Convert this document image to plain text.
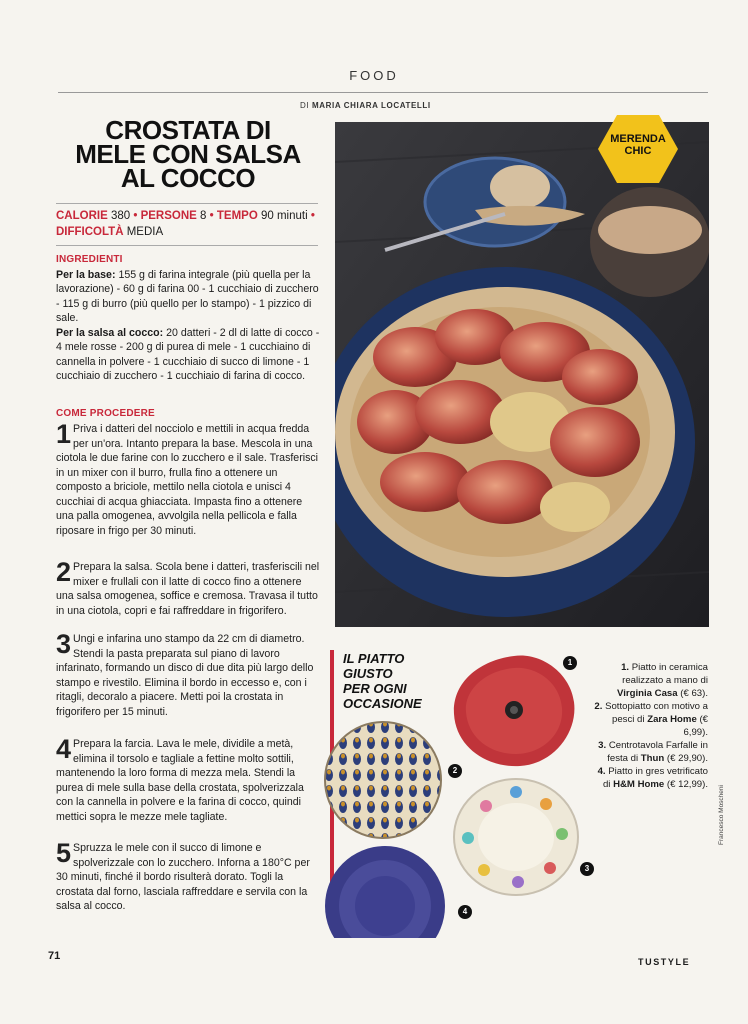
FOOD
DI MARIA CHIARA LOCATELLI
CROSTATA DI
MELE CON SALSA
AL COCCO
CALORIE 380 • PERSONE 8 • TEMPO 90 minuti • DIFFICOLTÀ MEDIA
INGREDIENTI
Per la base: 155 g di farina integrale (più quella per la lavorazione) - 60 g di farina 00 - 1 cucchiaio di zucchero - 115 g di burro (più quello per lo stampo) - 1 pizzico di sale.
Per la salsa al cocco: 20 datteri - 2 dl di latte di cocco - 4 mele rosse - 200 g di purea di mele - 1 cucchiaino di cannella in polvere - 1 cucchiaio di succo di limone - 1 cucchiaio di zucchero - 1 cucchiaio di farina di cocco.
COME PROCEDERE
1 Priva i datteri del nocciolo e mettili in acqua fredda per un'ora. Intanto prepara la base. Mescola in una ciotola le due farine con lo zucchero e il sale. Trasferisci in un mixer con il burro, frulla fino a ottenere un composto a briciole, mettilo nella ciotola e unisci 4 cucchiai di acqua ghiacciata. Impasta fino a ottenere una palla omogenea, avvolgila nella pellicola e falla riposare in frigo per 30 minuti.
2 Prepara la salsa. Scola bene i datteri, trasferiscili nel mixer e frullali con il latte di cocco fino a ottenere una salsa omogenea, soffice e cremosa. Travasa il tutto in una ciotola, copri e fai raffreddare in frigorifero.
3 Ungi e infarina uno stampo da 22 cm di diametro. Stendi la pasta preparata sul piano di lavoro infarinato, formando un disco di due dita più largo dello stampo e rivestilo. Elimina il bordo in eccesso e, con i ritagli, decoralo a piacere. Metti poi la crostata in frigorifero per 15 minuti.
4 Prepara la farcia. Lava le mele, dividile a metà, elimina il torsolo e tagliale a fettine molto sottili, mantenendo la loro forma di mezza mela. Stendi la purea di mele sulla base della crostata, spolverizzala con la cannella in polvere e la farina di cocco, quindi mettici sopra le mezze mele tagliate.
5 Spruzza le mele con il succo di limone e spolverizzale con lo zucchero. Inforna a 180°C per 30 minuti, finché il bordo risulterà dorato. Togli la crostata dal forno, lasciala raffreddare e servila con la salsa al cocco.
MERENDA
CHIC
IL PIATTO
GIUSTO
PER OGNI
OCCASIONE
1
2
3
4
1. Piatto in ceramica realizzato a mano di Virginia Casa (€ 63).
2. Sottopiatto con motivo a pesci di Zara Home (€ 6,99).
3. Centrotavola Farfalle in festa di Thun (€ 29,90).
4. Piatto in gres vetrificato di H&M Home (€ 12,99).
Francesco Moscheni
71	TUSTYLE
